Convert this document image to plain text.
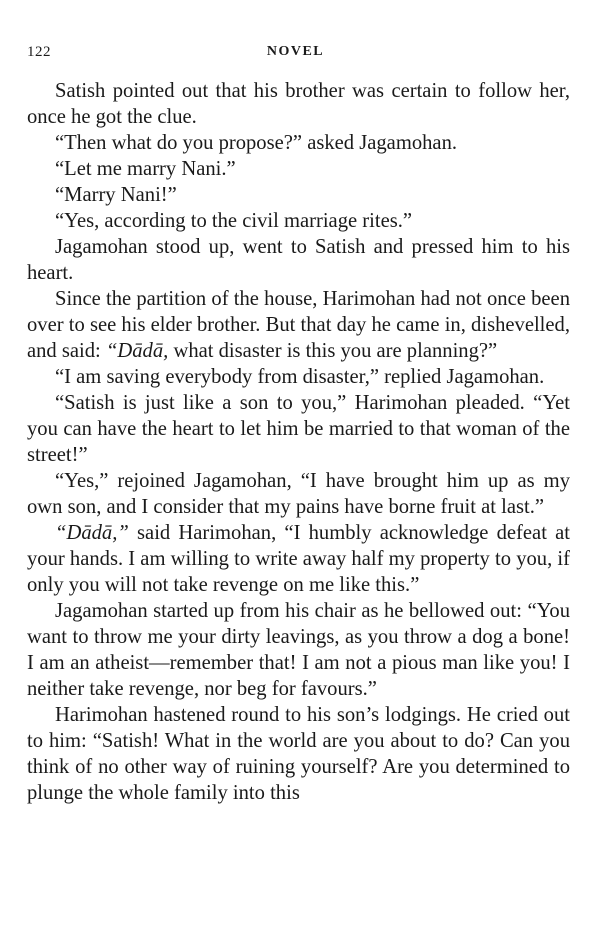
122	NOVEL

Satish pointed out that his brother was certain to follow her, once he got the clue.

“Then what do you propose?” asked Jagamohan.

“Let me marry Nani.”

“Marry Nani!”

“Yes, according to the civil marriage rites.”

Jagamohan stood up, went to Satish and pressed him to his heart.

Since the partition of the house, Harimohan had not once been over to see his elder brother. But that day he came in, dishevelled, and said: “Dādā, what disaster is this you are planning?”

“I am saving everybody from disaster,” replied Jagamohan.

“Satish is just like a son to you,” Harimohan pleaded. “Yet you can have the heart to let him be married to that woman of the street!”

“Yes,” rejoined Jagamohan, “I have brought him up as my own son, and I consider that my pains have borne fruit at last.”

“Dādā,” said Harimohan, “I humbly acknowledge defeat at your hands. I am willing to write away half my property to you, if only you will not take revenge on me like this.”

Jagamohan started up from his chair as he bellowed out: “You want to throw me your dirty leavings, as you throw a dog a bone! I am an atheist—remember that! I am not a pious man like you! I neither take revenge, nor beg for favours.”

Harimohan hastened round to his son’s lodgings. He cried out to him: “Satish! What in the world are you about to do? Can you think of no other way of ruining yourself? Are you determined to plunge the whole family into this
